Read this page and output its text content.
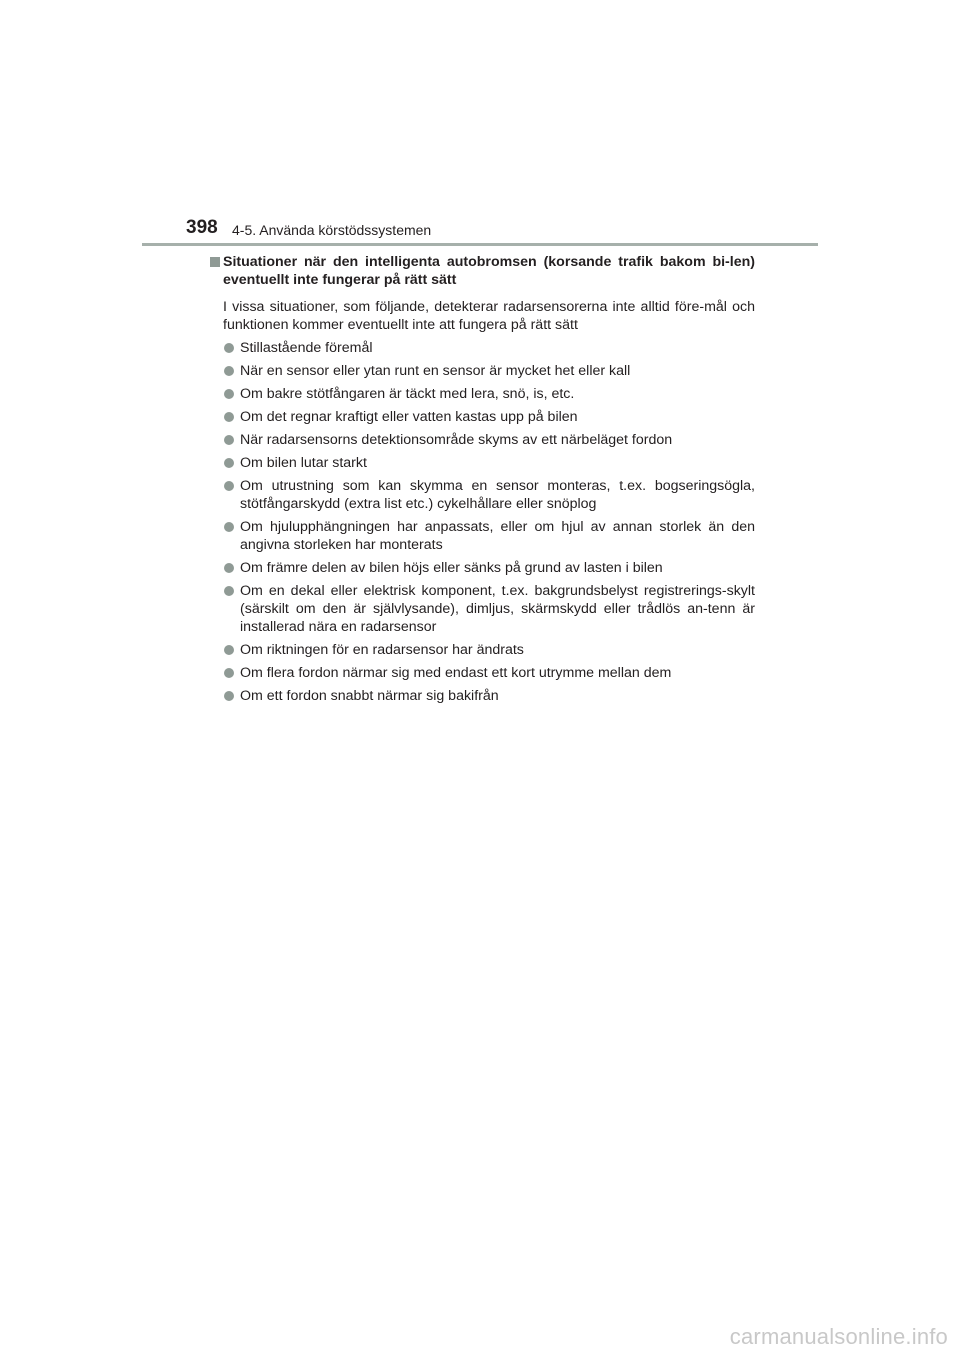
398 4-5. Använda körstödssystemen

Situationer när den intelligenta autobromsen (korsande trafik bakom bi-len) eventuellt inte fungerar på rätt sätt

I vissa situationer, som följande, detekterar radarsensorerna inte alltid före-mål och funktionen kommer eventuellt inte att fungera på rätt sätt

Stillastående föremål
När en sensor eller ytan runt en sensor är mycket het eller kall
Om bakre stötfångaren är täckt med lera, snö, is, etc.
Om det regnar kraftigt eller vatten kastas upp på bilen
När radarsensorns detektionsområde skyms av ett närbeläget fordon
Om bilen lutar starkt
Om utrustning som kan skymma en sensor monteras, t.ex. bogseringsögla, stötfångarskydd (extra list etc.) cykelhållare eller snöplog
Om hjulupphängningen har anpassats, eller om hjul av annan storlek än den angivna storleken har monterats
Om främre delen av bilen höjs eller sänks på grund av lasten i bilen
Om en dekal eller elektrisk komponent, t.ex. bakgrundsbelyst registrerings-skylt (särskilt om den är självlysande), dimljus, skärmskydd eller trådlös an-tenn är installerad nära en radarsensor
Om riktningen för en radarsensor har ändrats
Om flera fordon närmar sig med endast ett kort utrymme mellan dem
Om ett fordon snabbt närmar sig bakifrån
carmanualsonline.info
